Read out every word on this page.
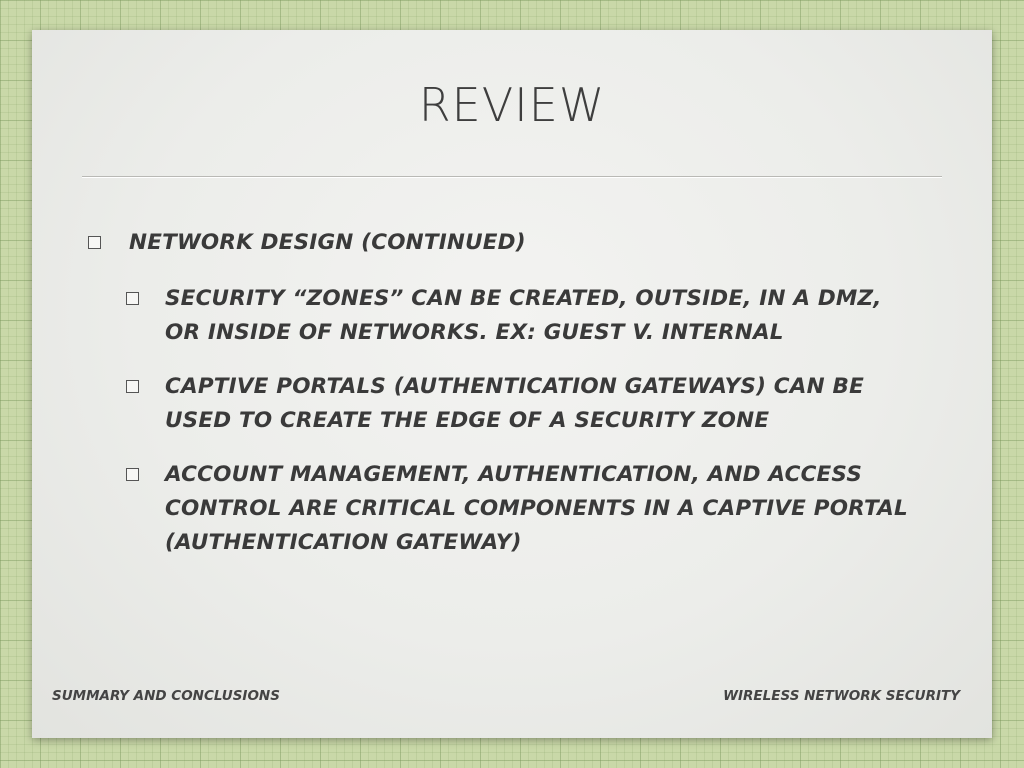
REVIEW
NETWORK DESIGN (CONTINUED)
SECURITY “ZONES” CAN BE CREATED, OUTSIDE, IN A DMZ, OR INSIDE OF NETWORKS. EX: GUEST V. INTERNAL
CAPTIVE PORTALS (AUTHENTICATION GATEWAYS) CAN BE USED TO CREATE THE EDGE OF A SECURITY ZONE
ACCOUNT MANAGEMENT, AUTHENTICATION, AND ACCESS CONTROL ARE CRITICAL COMPONENTS IN A CAPTIVE PORTAL (AUTHENTICATION GATEWAY)
SUMMARY AND CONCLUSIONS	WIRELESS NETWORK SECURITY
